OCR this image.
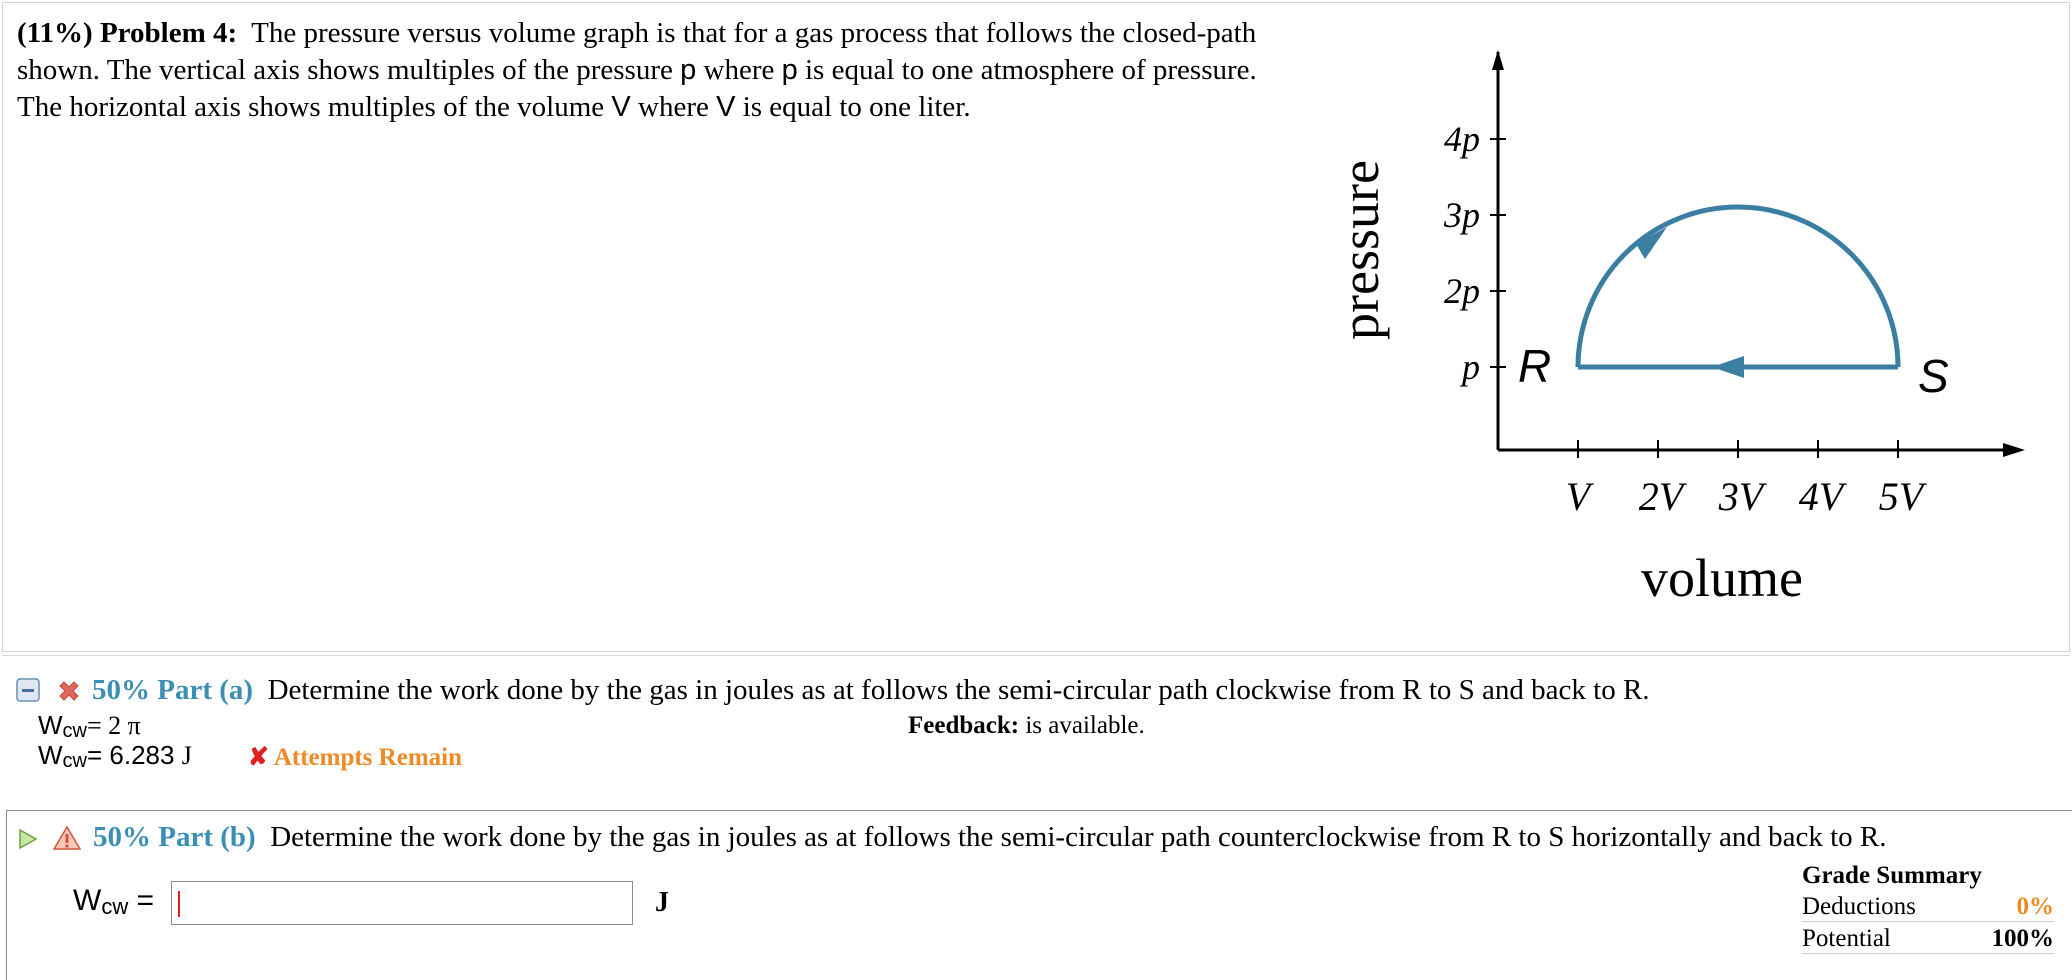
(11%) Problem 4: The pressure versus volume graph is that for a gas process that follows the closed-path shown. The vertical axis shows multiples of the pressure p where p is equal to one atmosphere of pressure. The horizontal axis shows multiples of the volume V where V is equal to one liter.
4p
3p
2p
p
V 2V 3V 4V 5V
pressure
volume
R	S
50% Part (a) Determine the work done by the gas in joules as at follows the semi-circular path clockwise from R to S and back to R.
Wcw= 2 π
Wcw= 6.283 J ✘ Attempts Remain
Feedback: is available.
50% Part (b) Determine the work done by the gas in joules as at follows the semi-circular path counterclockwise from R to S horizontally and back to R.
Wcw =	J
Grade Summary
Deductions	0%
Potential	100%
